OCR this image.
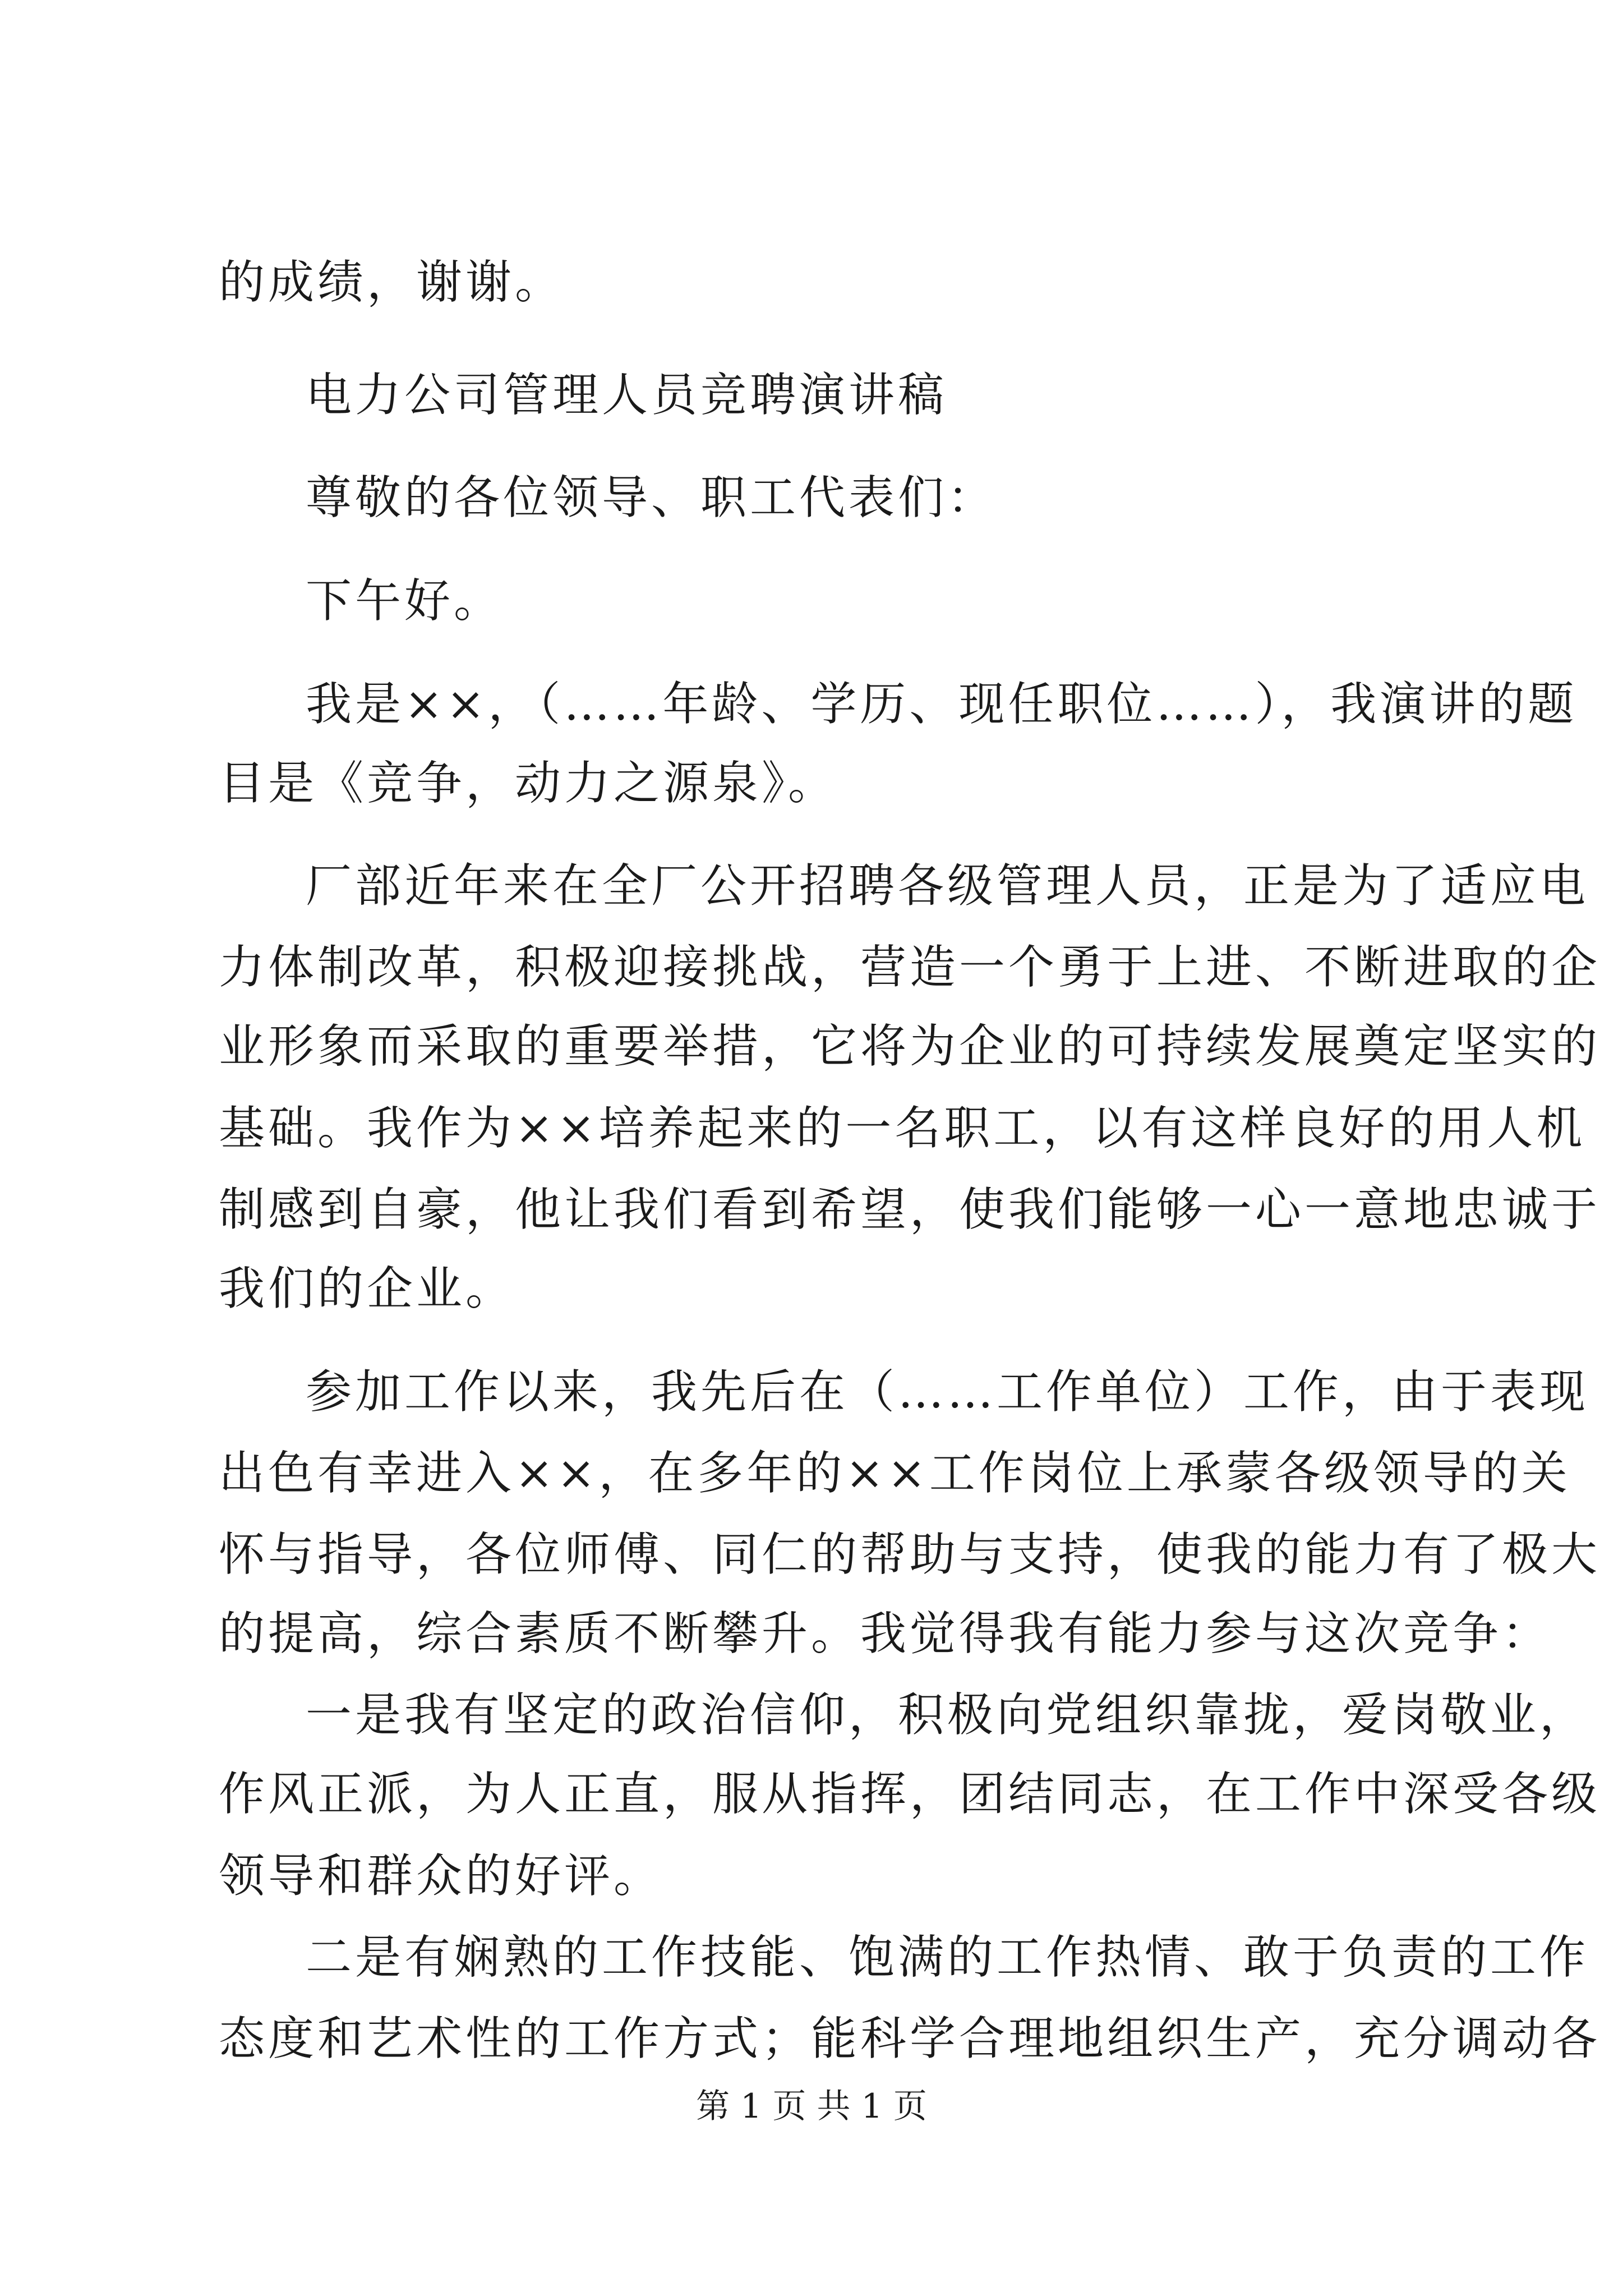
的成绩，谢谢。
电力公司管理人员竞聘演讲稿
尊敬的各位领导、职工代表们：
下午好。
我是××，（……年龄、学历、现任职位……），我演讲的题
目是《竞争，动力之源泉》。
厂部近年来在全厂公开招聘各级管理人员，正是为了适应电
力体制改革，积极迎接挑战，营造一个勇于上进、不断进取的企
业形象而采取的重要举措，它将为企业的可持续发展奠定坚实的
基础。我作为××培养起来的一名职工，以有这样良好的用人机
制感到自豪，他让我们看到希望，使我们能够一心一意地忠诚于
我们的企业。
参加工作以来，我先后在（……工作单位）工作，由于表现
出色有幸进入××，在多年的××工作岗位上承蒙各级领导的关
怀与指导，各位师傅、同仁的帮助与支持，使我的能力有了极大
的提高，综合素质不断攀升。我觉得我有能力参与这次竞争：
一是我有坚定的政治信仰，积极向党组织靠拢，爱岗敬业，
作风正派，为人正直，服从指挥，团结同志，在工作中深受各级
领导和群众的好评。
二是有娴熟的工作技能、饱满的工作热情、敢于负责的工作
态度和艺术性的工作方式；能科学合理地组织生产，充分调动各
第 1 页 共 1 页
